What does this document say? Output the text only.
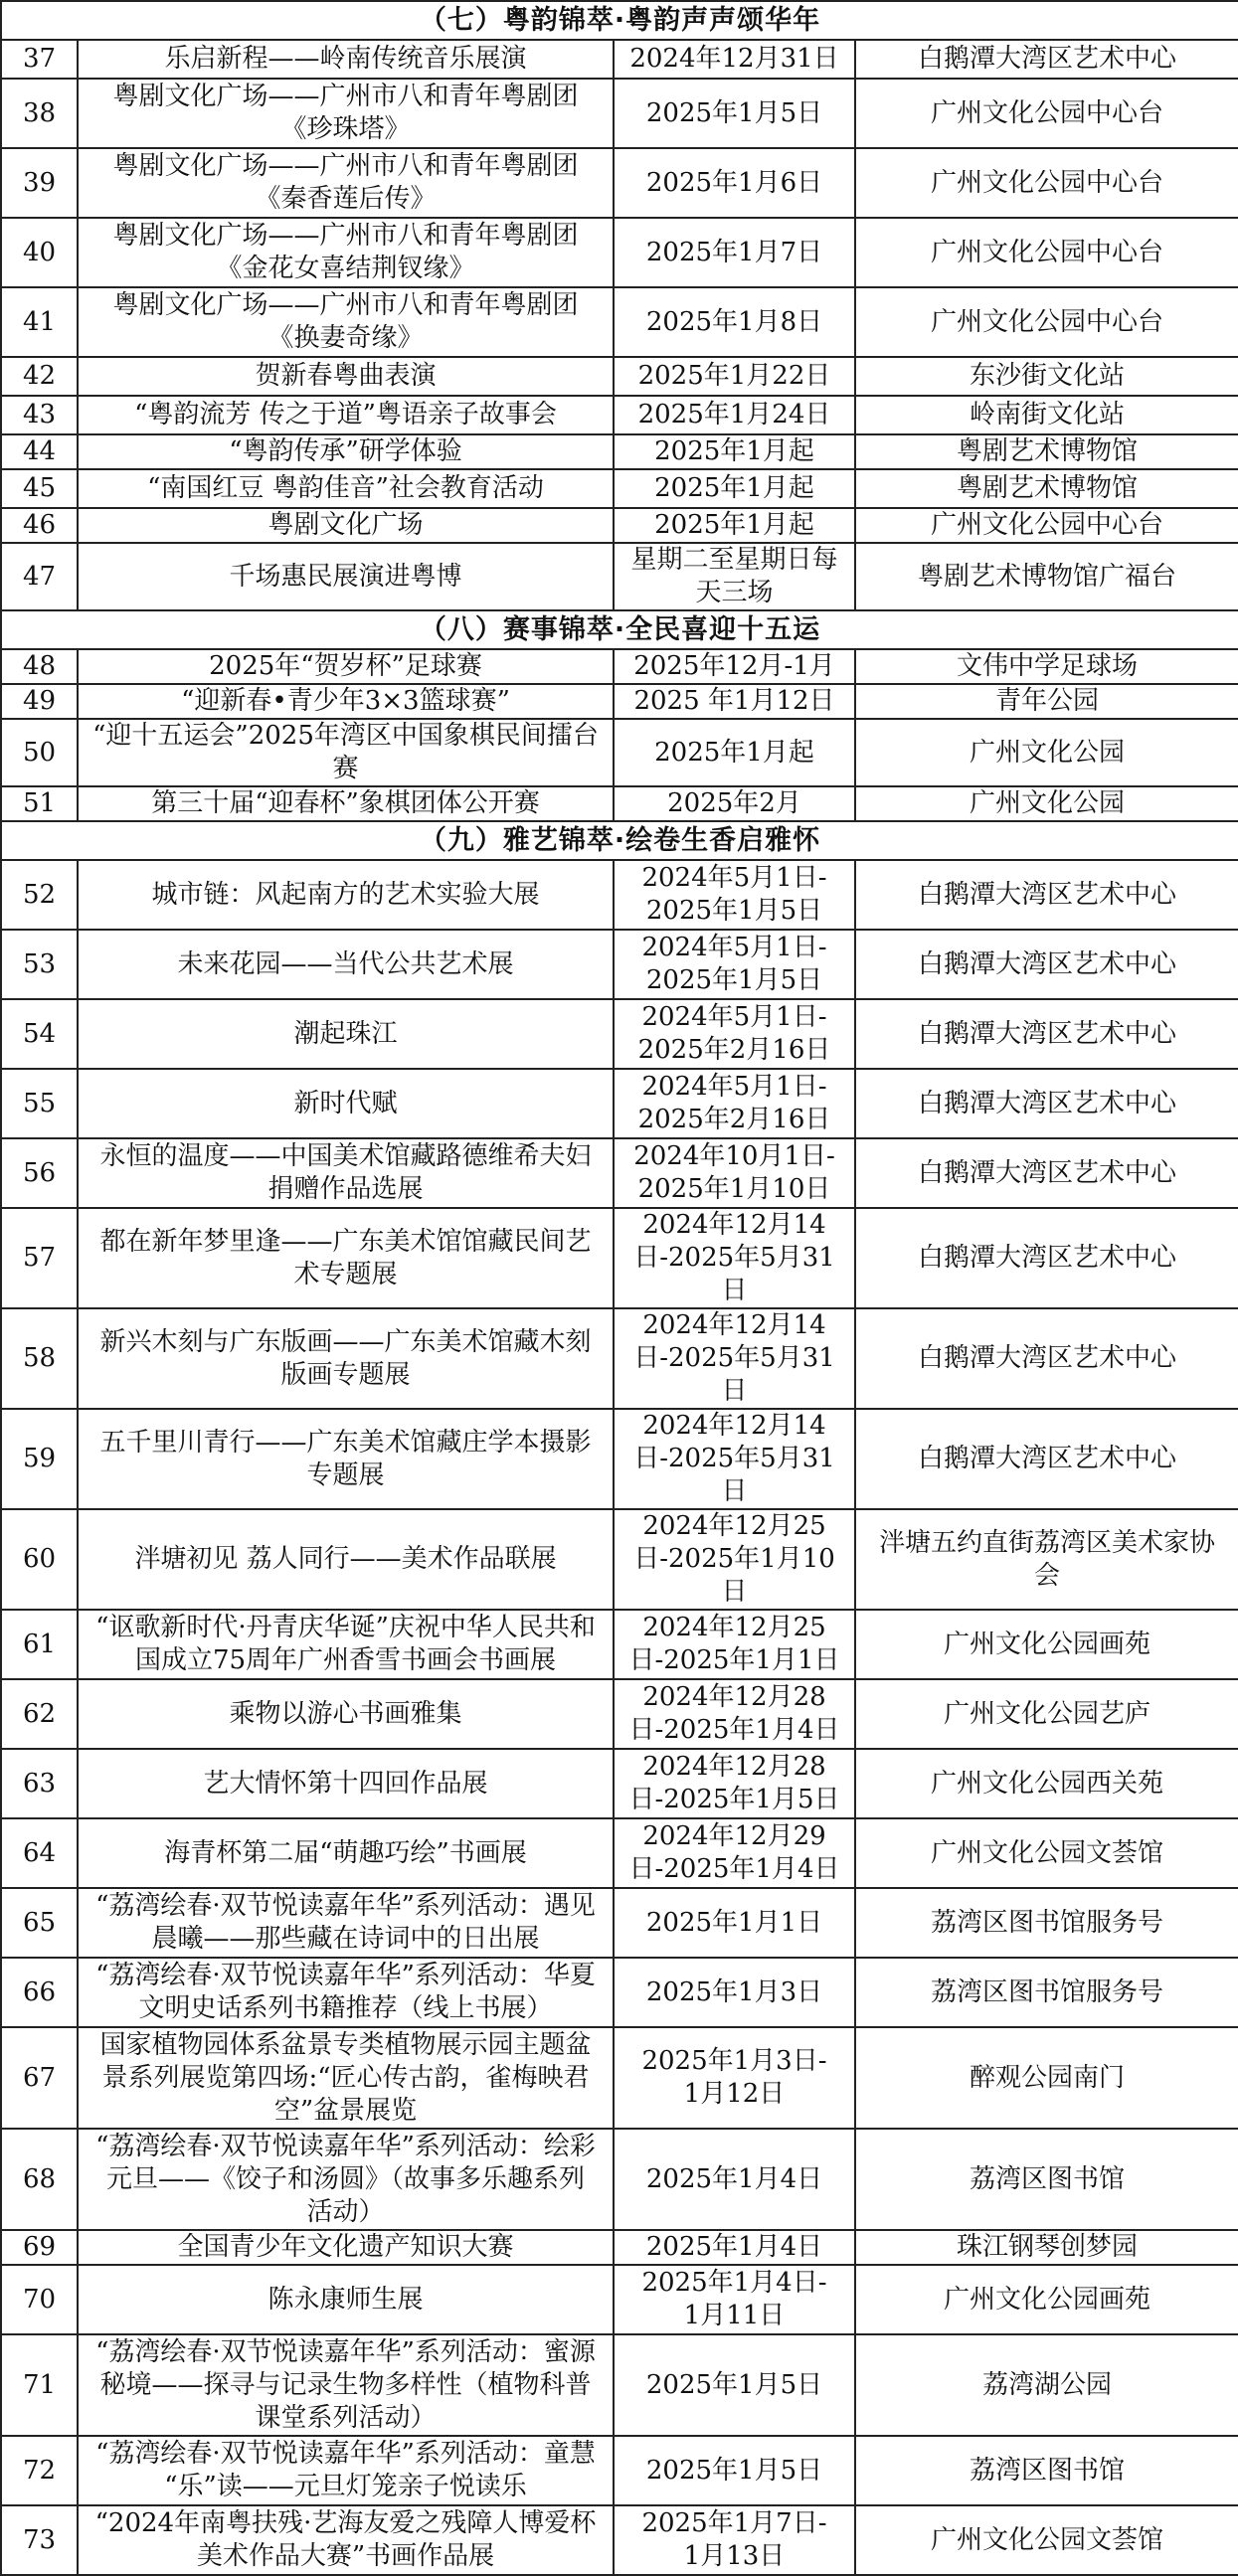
（七）粤韵锦萃·粤韵声声颂华年			
37	乐启新程——岭南传统音乐展演	2024年12月31日	白鹅潭大湾区艺术中心

38	粤剧文化广场——广州市八和青年粤剧团
《珍珠塔》	2025年1月5日	广州文化公园中心台

39	粤剧文化广场——广州市八和青年粤剧团
《秦香莲后传》	2025年1月6日	广州文化公园中心台

40	粤剧文化广场——广州市八和青年粤剧团
《金花女喜结荆钗缘》	2025年1月7日	广州文化公园中心台

41	粤剧文化广场——广州市八和青年粤剧团
《换妻奇缘》	2025年1月8日	广州文化公园中心台

42	贺新春粤曲表演	2025年1月22日	东沙街文化站

43	“粤韵流芳 传之于道”粤语亲子故事会	2025年1月24日	岭南街文化站

44	“粤韵传承”研学体验	2025年1月起	粤剧艺术博物馆

45	“南国红豆 粤韵佳音”社会教育活动	2025年1月起	粤剧艺术博物馆

46	粤剧文化广场	2025年1月起	广州文化公园中心台

47	千场惠民展演进粤博	星期二至星期日每
天三场	粤剧艺术博物馆广福台

（八）赛事锦萃·全民喜迎十五运			
48	2025年“贺岁杯”足球赛	2025年12月-1月	文伟中学足球场

49	“迎新春•青少年3×3篮球赛”	2025 年1月12日	青年公园

50	“迎十五运会”2025年湾区中国象棋民间擂台
赛	2025年1月起	广州文化公园

51	第三十届“迎春杯”象棋团体公开赛	2025年2月	广州文化公园

（九）雅艺锦萃·绘卷生香启雅怀			
52	城市链：风起南方的艺术实验大展	2024年5月1日-
2025年1月5日	白鹅潭大湾区艺术中心

53	未来花园——当代公共艺术展	2024年5月1日-
2025年1月5日	白鹅潭大湾区艺术中心

54	潮起珠江	2024年5月1日-
2025年2月16日	白鹅潭大湾区艺术中心

55	新时代赋	2024年5月1日-
2025年2月16日	白鹅潭大湾区艺术中心

56	永恒的温度——中国美术馆藏路德维希夫妇
捐赠作品选展	2024年10月1日-
2025年1月10日	白鹅潭大湾区艺术中心

57	都在新年梦里逢——广东美术馆馆藏民间艺
术专题展	2024年12月14
日-2025年5月31日	白鹅潭大湾区艺术中心

58	新兴木刻与广东版画——广东美术馆藏木刻
版画专题展	2024年12月14
日-2025年5月31日	白鹅潭大湾区艺术中心

59	五千里川青行——广东美术馆藏庄学本摄影
专题展	2024年12月14
日-2025年5月31日	白鹅潭大湾区艺术中心

60	泮塘初见 荔人同行——美术作品联展	2024年12月25
日-2025年1月10日	泮塘五约直街荔湾区美术家协
会

61	“讴歌新时代·丹青庆华诞”庆祝中华人民共和
国成立75周年广州香雪书画会书画展	2024年12月25
日-2025年1月1日	广州文化公园画苑

62	乘物以游心书画雅集	2024年12月28
日-2025年1月4日	广州文化公园艺庐

63	艺大情怀第十四回作品展	2024年12月28
日-2025年1月5日	广州文化公园西关苑

64	海青杯第二届“萌趣巧绘”书画展	2024年12月29
日-2025年1月4日	广州文化公园文荟馆

65	“荔湾绘春·双节悦读嘉年华”系列活动：遇见
晨曦——那些藏在诗词中的日出展	2025年1月1日	荔湾区图书馆服务号

66	“荔湾绘春·双节悦读嘉年华”系列活动：华夏
文明史话系列书籍推荐（线上书展）	2025年1月3日	荔湾区图书馆服务号

67	国家植物园体系盆景专类植物展示园主题盆
景系列展览第四场:“匠心传古韵，雀梅映君
空”盆景展览	2025年1月3日-
1月12日	醉观公园南门

68	“荔湾绘春·双节悦读嘉年华”系列活动：绘彩
元旦——《饺子和汤圆》（故事多乐趣系列
活动）	2025年1月4日	荔湾区图书馆

69	全国青少年文化遗产知识大赛	2025年1月4日	珠江钢琴创梦园

70	陈永康师生展	2025年1月4日-
1月11日	广州文化公园画苑

71	“荔湾绘春·双节悦读嘉年华”系列活动：蜜源
秘境——探寻与记录生物多样性（植物科普
课堂系列活动）	2025年1月5日	荔湾湖公园

72	“荔湾绘春·双节悦读嘉年华”系列活动：童慧
“乐”读——元旦灯笼亲子悦读乐	2025年1月5日	荔湾区图书馆

73	“2024年南粤扶残·艺海友爱之残障人博爱杯
美术作品大赛”书画作品展	2025年1月7日-
1月13日	广州文化公园文荟馆
